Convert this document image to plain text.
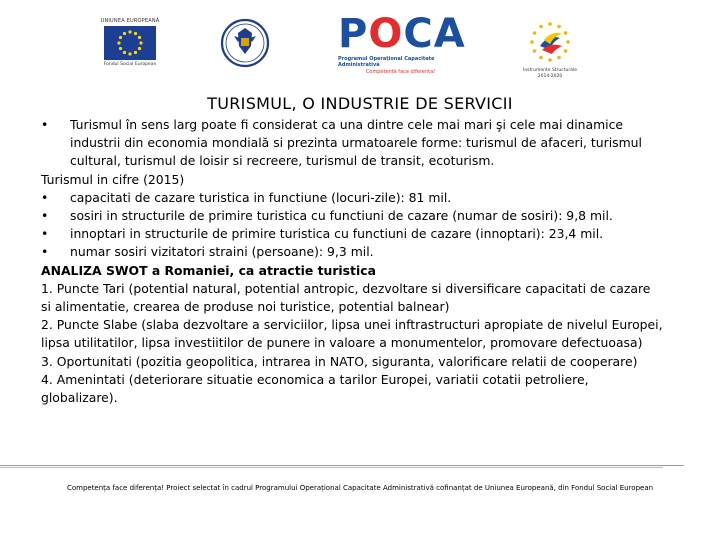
UNIUNEA EUROPEANĂ
Fondul Social European
POCA
Programul Operațional Capacitate Administrativă
Competență face diferența!	Instrumente Structurale
2014-2020
TURISMUL, O INDUSTRIE DE SERVICII
• Turismul în sens larg poate fi considerat ca una dintre cele mai mari şi cele mai dinamice industrii din economia mondială si prezinta urmatoarele forme: turismul de afaceri, turismul cultural, turismul de loisir si recreere, turismul de transit, ecoturism.
Turismul in cifre (2015)
• capacitati de cazare turistica in functiune (locuri-zile): 81 mil.
• sosiri in structurile de primire turistica cu functiuni de cazare (numar de sosiri): 9,8 mil.
• innoptari in structurile de primire turistica cu functiuni de cazare (innoptari): 23,4 mil.
• numar sosiri vizitatori straini (persoane): 9,3 mil.
ANALIZA SWOT a Romaniei, ca atractie turistica
1. Puncte Tari (potential natural, potential antropic, dezvoltare si diversificare capacitati de cazare si alimentatie, crearea de produse noi turistice, potential balnear)
2. Puncte Slabe (slaba dezvoltare a serviciilor, lipsa unei inftrastructuri apropiate de nivelul Europei, lipsa utilitatilor, lipsa investiitilor de punere in valoare a monumentelor, promovare defectuoasa)
3. Oportunitati (pozitia geopolitica, intrarea in NATO, siguranta, valorificare relatii de cooperare)
4. Amenintati (deteriorare situatie economica a tarilor Europei, variatii cotatii petroliere, globalizare).
Competența face diferența! Proiect selectat în cadrul Programului Operațional Capacitate Administrativă cofinanțat de Uniunea Europeană, din Fondul Social European
